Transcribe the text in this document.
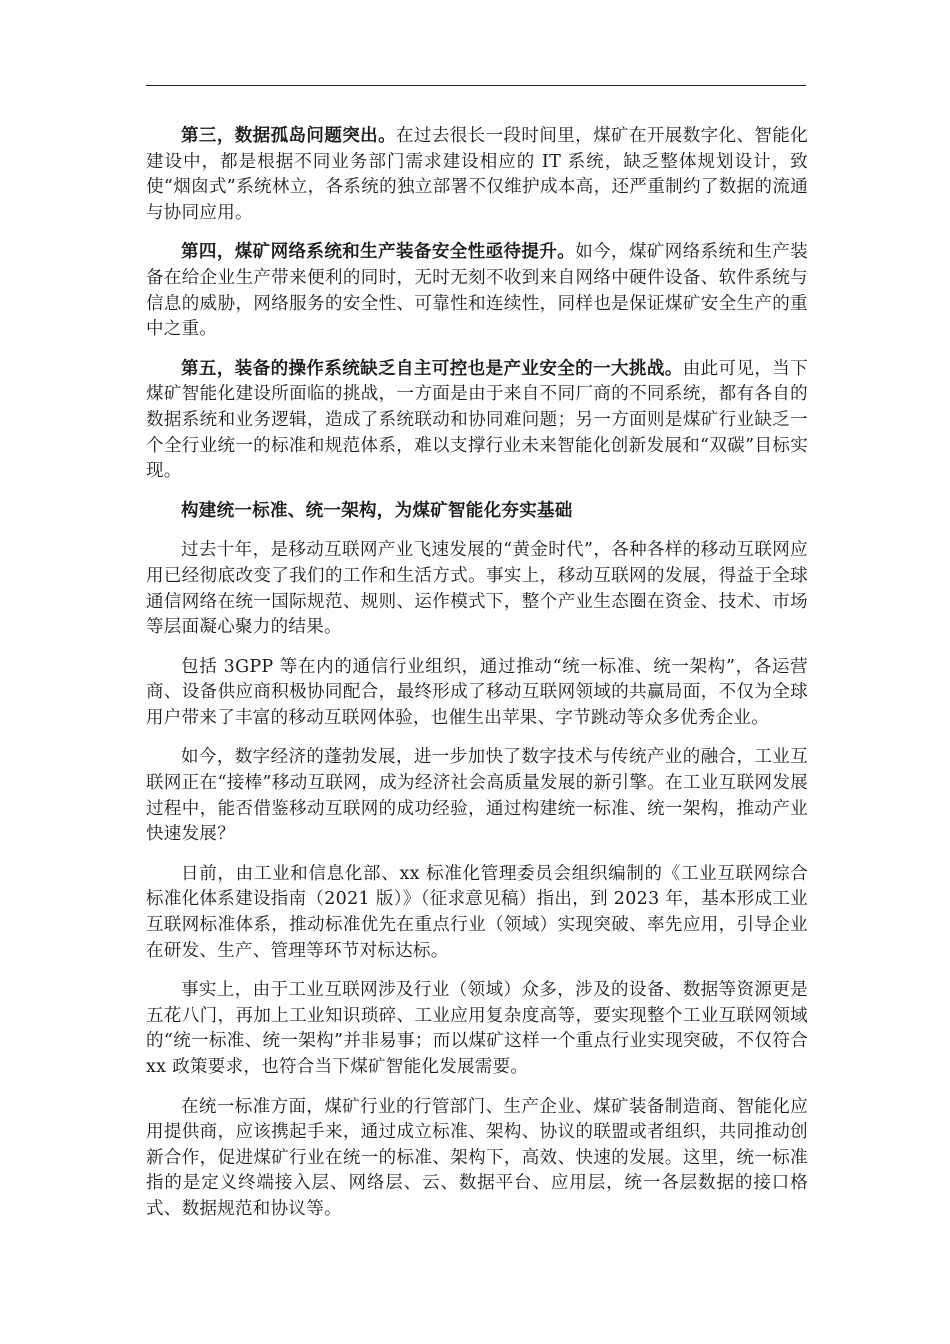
第三，数据孤岛问题突出。在过去很长一段时间里，煤矿在开展数字化、智能化建设中，都是根据不同业务部门需求建设相应的 IT 系统，缺乏整体规划设计，致使“烟囱式”系统林立，各系统的独立部署不仅维护成本高，还严重制约了数据的流通与协同应用。

第四，煤矿网络系统和生产装备安全性亟待提升。如今，煤矿网络系统和生产装备在给企业生产带来便利的同时，无时无刻不收到来自网络中硬件设备、软件系统与信息的威胁，网络服务的安全性、可靠性和连续性，同样也是保证煤矿安全生产的重中之重。

第五，装备的操作系统缺乏自主可控也是产业安全的一大挑战。由此可见，当下煤矿智能化建设所面临的挑战，一方面是由于来自不同厂商的不同系统，都有各自的数据系统和业务逻辑，造成了系统联动和协同难问题；另一方面则是煤矿行业缺乏一个全行业统一的标准和规范体系，难以支撑行业未来智能化创新发展和“双碳”目标实现。

构建统一标准、统一架构，为煤矿智能化夯实基础

过去十年，是移动互联网产业飞速发展的“黄金时代”，各种各样的移动互联网应用已经彻底改变了我们的工作和生活方式。事实上，移动互联网的发展，得益于全球通信网络在统一国际规范、规则、运作模式下，整个产业生态圈在资金、技术、市场等层面凝心聚力的结果。

包括 3GPP 等在内的通信行业组织，通过推动“统一标准、统一架构”，各运营商、设备供应商积极协同配合，最终形成了移动互联网领域的共赢局面，不仅为全球用户带来了丰富的移动互联网体验，也催生出苹果、字节跳动等众多优秀企业。

如今，数字经济的蓬勃发展，进一步加快了数字技术与传统产业的融合，工业互联网正在“接棒”移动互联网，成为经济社会高质量发展的新引擎。在工业互联网发展过程中，能否借鉴移动互联网的成功经验，通过构建统一标准、统一架构，推动产业快速发展？

日前，由工业和信息化部、xx 标准化管理委员会组织编制的《工业互联网综合标准化体系建设指南（2021 版）》（征求意见稿）指出，到 2023 年，基本形成工业互联网标准体系，推动标准优先在重点行业（领域）实现突破、率先应用，引导企业在研发、生产、管理等环节对标达标。

事实上，由于工业互联网涉及行业（领域）众多，涉及的设备、数据等资源更是五花八门，再加上工业知识琐碎、工业应用复杂度高等，要实现整个工业互联网领域的“统一标准、统一架构”并非易事；而以煤矿这样一个重点行业实现突破，不仅符合 xx 政策要求，也符合当下煤矿智能化发展需要。

在统一标准方面，煤矿行业的行管部门、生产企业、煤矿装备制造商、智能化应用提供商，应该携起手来，通过成立标准、架构、协议的联盟或者组织，共同推动创新合作，促进煤矿行业在统一的标准、架构下，高效、快速的发展。这里，统一标准指的是定义终端接入层、网络层、云、数据平台、应用层，统一各层数据的接口格式、数据规范和协议等。
